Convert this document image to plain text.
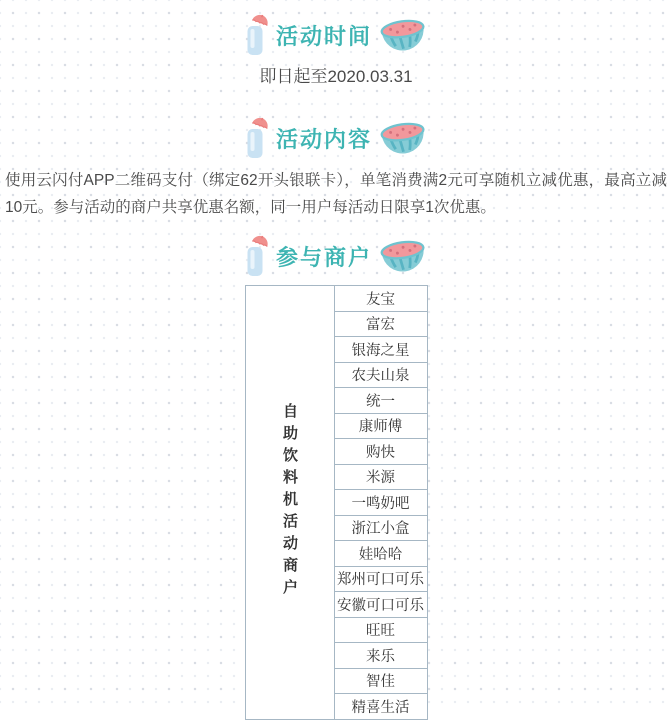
活动时间
即日起至2020.03.31
活动内容
使用云闪付APP二维码支付（绑定62开头银联卡），单笔消费满2元可享随机立减优惠，最高立减10元。参与活动的商户共享优惠名额，同一用户每活动日限享1次优惠。
参与商户
自助饮料机活动商户
友宝
富宏
银海之星
农夫山泉
统一
康师傅
购快
米源
一鸣奶吧
浙江小盒
娃哈哈
郑州可口可乐
安徽可口可乐
旺旺
来乐
智佳
精喜生活
